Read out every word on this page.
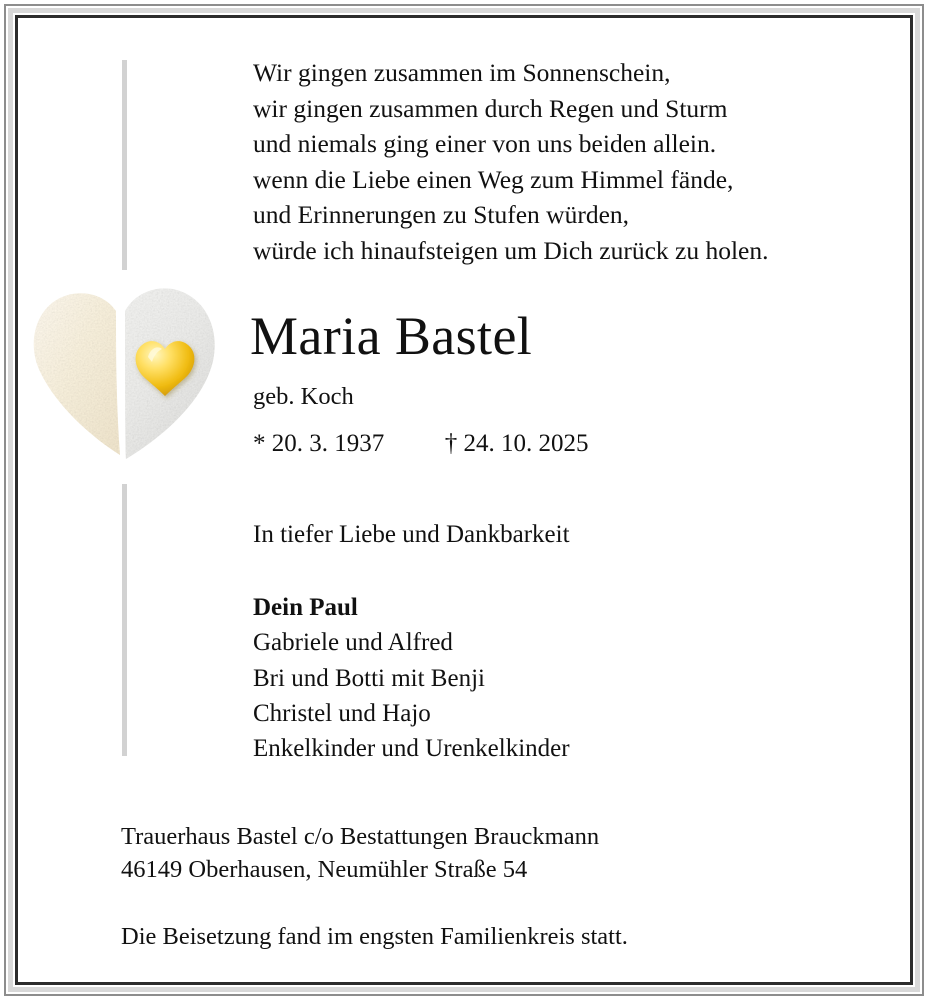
Wir gingen zusammen im Sonnenschein,
wir gingen zusammen durch Regen und Sturm
und niemals ging einer von uns beiden allein.
wenn die Liebe einen Weg zum Himmel fände,
und Erinnerungen zu Stufen würden,
würde ich hinaufsteigen um Dich zurück zu holen.
Maria Bastel
geb. Koch
* 20. 3. 1937 † 24. 10. 2025
In tiefer Liebe und Dankbarkeit
Dein Paul
Gabriele und Alfred
Bri und Botti mit Benji
Christel und Hajo
Enkelkinder und Urenkelkinder
Trauerhaus Bastel c/o Bestattungen Brauckmann
46149 Oberhausen, Neumühler Straße 54
Die Beisetzung fand im engsten Familienkreis statt.
